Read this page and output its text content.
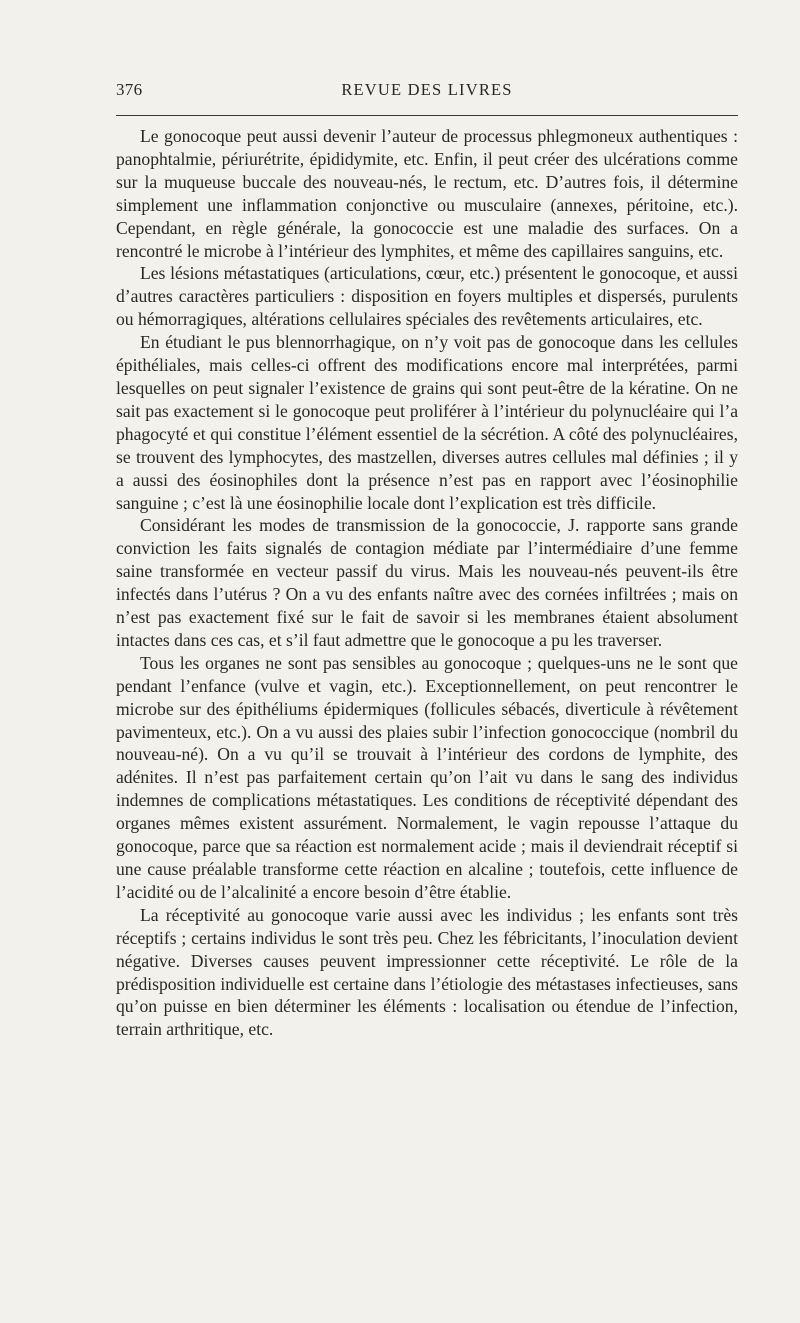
376	REVUE DES LIVRES

Le gonocoque peut aussi devenir l’auteur de processus phlegmoneux authentiques : panophtalmie, périurétrite, épididymite, etc. Enfin, il peut créer des ulcérations comme sur la muqueuse buccale des nouveau-nés, le rectum, etc. D’autres fois, il détermine simplement une inflammation conjonctive ou musculaire (annexes, péritoine, etc.). Cependant, en règle générale, la gonococcie est une maladie des surfaces. On a rencontré le microbe à l’intérieur des lymphites, et même des capillaires sanguins, etc.

Les lésions métastatiques (articulations, cœur, etc.) présentent le gonocoque, et aussi d’autres caractères particuliers : disposition en foyers multiples et dispersés, purulents ou hémorragiques, altérations cellulaires spéciales des revêtements articulaires, etc.

En étudiant le pus blennorrhagique, on n’y voit pas de gonocoque dans les cellules épithéliales, mais celles-ci offrent des modifications encore mal interprétées, parmi lesquelles on peut signaler l’existence de grains qui sont peut-être de la kératine. On ne sait pas exactement si le gonocoque peut proliférer à l’intérieur du polynucléaire qui l’a phagocyté et qui constitue l’élément essentiel de la sécrétion. A côté des polynucléaires, se trouvent des lymphocytes, des mastzellen, diverses autres cellules mal définies ; il y a aussi des éosinophiles dont la présence n’est pas en rapport avec l’éosinophilie sanguine ; c’est là une éosinophilie locale dont l’explication est très difficile.

Considérant les modes de transmission de la gonococcie, J. rapporte sans grande conviction les faits signalés de contagion médiate par l’intermédiaire d’une femme saine transformée en vecteur passif du virus. Mais les nouveau-nés peuvent-ils être infectés dans l’utérus ? On a vu des enfants naître avec des cornées infiltrées ; mais on n’est pas exactement fixé sur le fait de savoir si les membranes étaient absolument intactes dans ces cas, et s’il faut admettre que le gonocoque a pu les traverser.

Tous les organes ne sont pas sensibles au gonocoque ; quelques-uns ne le sont que pendant l’enfance (vulve et vagin, etc.). Exceptionnellement, on peut rencontrer le microbe sur des épithéliums épidermiques (follicules sébacés, diverticule à révêtement pavimenteux, etc.). On a vu aussi des plaies subir l’infection gonococcique (nombril du nouveau-né). On a vu qu’il se trouvait à l’intérieur des cordons de lymphite, des adénites. Il n’est pas parfaitement certain qu’on l’ait vu dans le sang des individus indemnes de complications métastatiques. Les conditions de réceptivité dépendant des organes mêmes existent assurément. Normalement, le vagin repousse l’attaque du gonocoque, parce que sa réaction est normalement acide ; mais il deviendrait réceptif si une cause préalable transforme cette réaction en alcaline ; toutefois, cette influence de l’acidité ou de l’alcalinité a encore besoin d’être établie.

La réceptivité au gonocoque varie aussi avec les individus ; les enfants sont très réceptifs ; certains individus le sont très peu. Chez les fébricitants, l’inoculation devient négative. Diverses causes peuvent impressionner cette réceptivité. Le rôle de la prédisposition individuelle est certaine dans l’étiologie des métastases infectieuses, sans qu’on puisse en bien déterminer les éléments : localisation ou étendue de l’infection, terrain arthritique, etc.
